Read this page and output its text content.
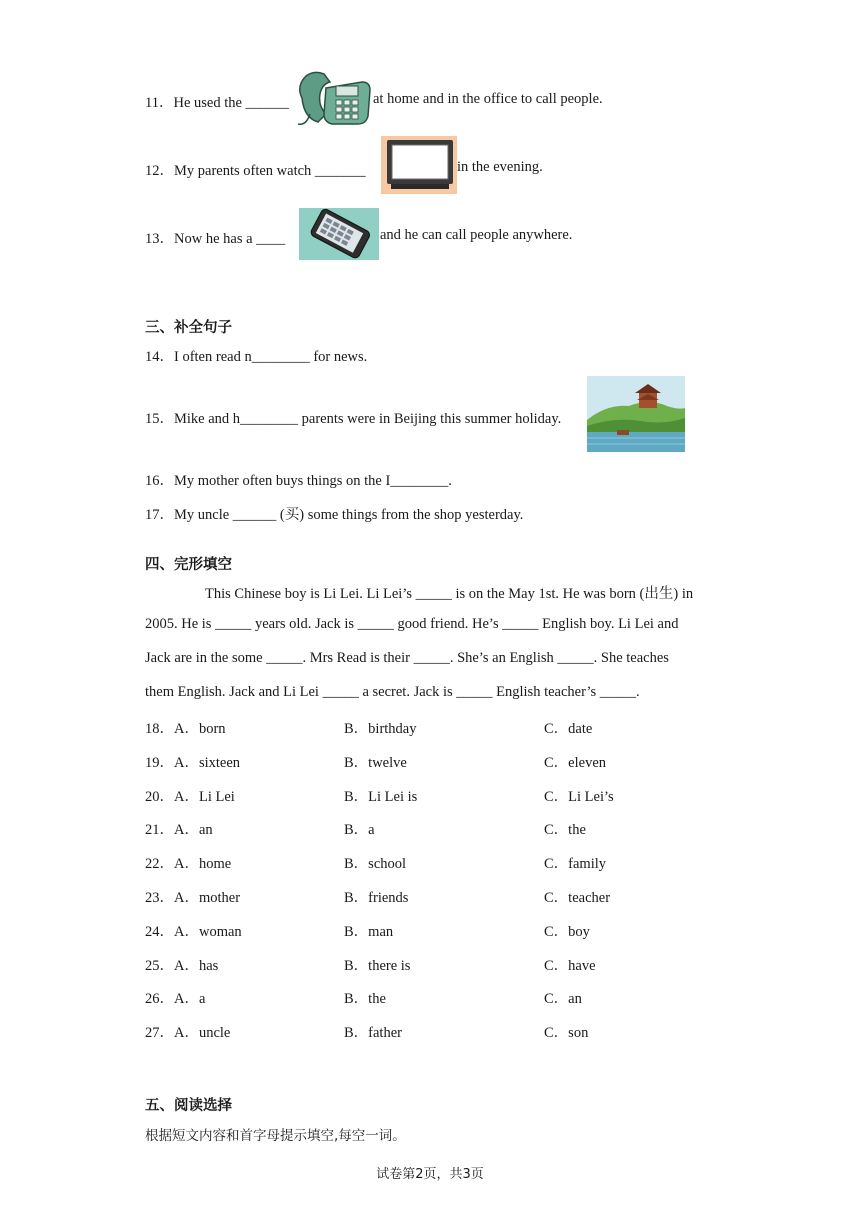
11．He used the ______	at home and in the office to call people.
12．My parents often watch _______	in the evening.
13．Now he has a ____	and he can call people anywhere.
三、补全句子
14．I often read n________ for news.
15．Mike and h________ parents were in Beijing this summer holiday.
16．My mother often buys things on the I________.
17．My uncle ______ (买) some things from the shop yesterday.
四、完形填空
This Chinese boy is Li Lei. Li Lei’s _____ is on the May 1st. He was born (出生) in
2005. He is _____ years old. Jack is _____ good friend. He’s _____ English boy. Li Lei and
Jack are in the some _____. Mrs Read is their _____. She’s an English _____. She teaches
them English. Jack and Li Lei _____ a secret. Jack is _____ English teacher’s _____.
18． A．born	B．birthday	C．date
19． A．sixteen	B．twelve	C．eleven
20． A．Li Lei	B．Li Lei is	C．Li Lei’s
21． A．an	B．a	C．the
22． A．home	B．school	C．family
23． A．mother	B．friends	C．teacher
24． A．woman	B．man	C．boy
25． A．has	B．there is	C．have
26． A．a	B．the	C．an
27． A．uncle	B．father	C．son
五、阅读选择
根据短文内容和首字母提示填空,每空一词。
试卷第2页，共3页
